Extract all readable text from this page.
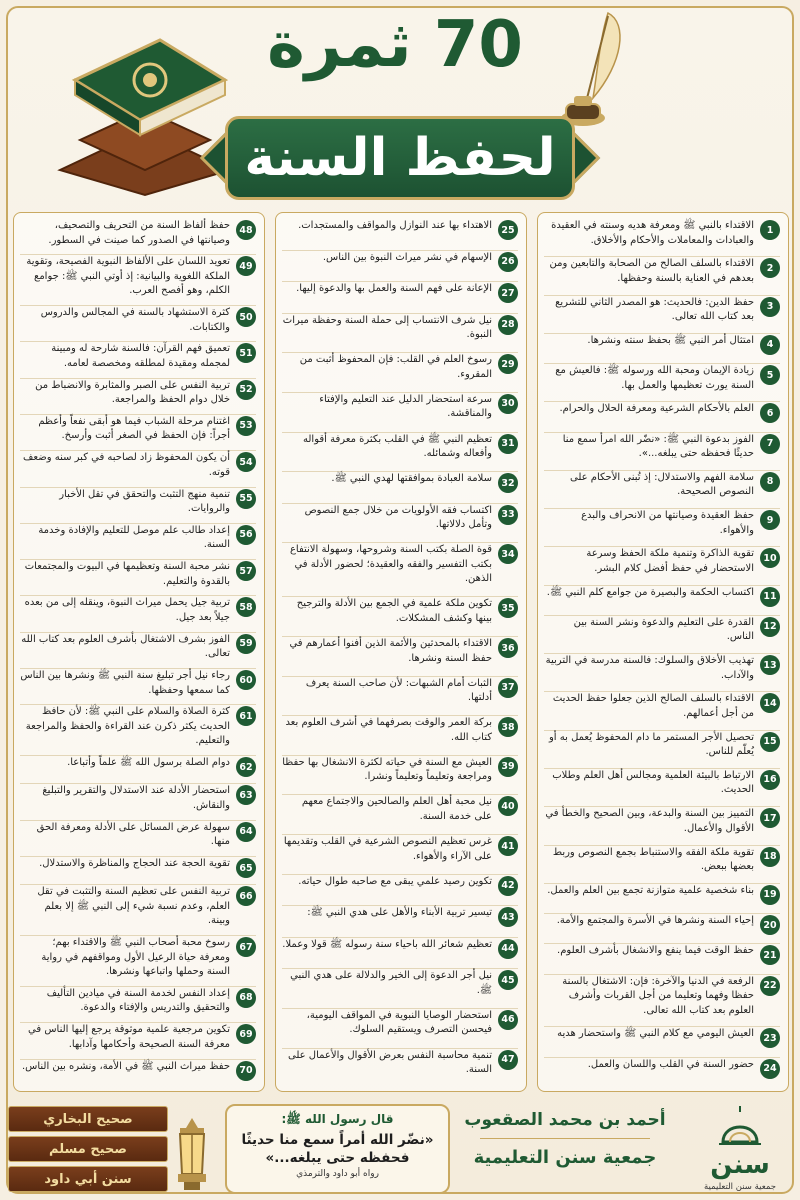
70 ثمرة
لحفظ السنة
1
الاقتداء بالنبي ﷺ ومعرفة هديه وسنته في العقيدة والعبادات والمعاملات والأحكام والأخلاق.
2
الاقتداء بالسلف الصالح من الصحابة والتابعين ومن بعدهم في العناية بالسنة وحفظها.
3
حفظ الدين: فالحديث: هو المصدر الثاني للتشريع بعد كتاب الله تعالى.
4
امتثال أمر النبي ﷺ بحفظ سنته ونشرها.
5
زيادة الإيمان ومحبة الله ورسوله ﷺ: فالعيش مع السنة يورث تعظيمها والعمل بها.
6
العلم بالأحكام الشرعية ومعرفة الحلال والحرام.
7
الفوز بدعوة النبي ﷺ: «نضّر الله امرأ سمع منا حديثًا فحفظه حتى يبلغه...».
8
سلامة الفهم والاستدلال: إذ تُبنى الأحكام على النصوص الصحيحة.
9
حفظ العقيدة وصيانتها من الانحراف والبدع والأهواء.
10
تقوية الذاكرة وتنمية ملكة الحفظ وسرعة الاستحضار في حفظ أفضل كلام البشر.
11
اكتساب الحكمة والبصيرة من جوامع كلم النبي ﷺ.
12
القدرة على التعليم والدعوة ونشر السنة بين الناس.
13
تهذيب الأخلاق والسلوك: فالسنة مدرسة في التربية والآداب.
14
الاقتداء بالسلف الصالح الذين جعلوا حفظ الحديث من أجل أعمالهم.
15
تحصيل الأجر المستمر ما دام المحفوظ يُعمل به أو يُعلّم للناس.
16
الارتباط بالبيئة العلمية ومجالس أهل العلم وطلاب الحديث.
17
التمييز بين السنة والبدعة، وبين الصحيح والخطأ في الأقوال والأعمال.
18
تقوية ملكة الفقه والاستنباط بجمع النصوص وربط بعضها ببعض.
19
بناء شخصية علمية متوازنة تجمع بين العلم والعمل.
20
إحياء السنة ونشرها في الأسرة والمجتمع والأمة.
21
حفظ الوقت فيما ينفع والانشغال بأشرف العلوم.
22
الرفعة في الدنيا والآخرة: فإن: الاشتغال بالسنة حفظا وفهما وتعليما من أجل القربات وأشرف العلوم بعد كتاب الله تعالى.
23
العيش اليومي مع كلام النبي ﷺ واستحضار هديه
24
حضور السنة في القلب واللسان والعمل.
25
الاهتداء بها عند النوازل والمواقف والمستجدات.
26
الإسهام في نشر ميراث النبوة بين الناس.
27
الإعانة على فهم السنة والعمل بها والدعوة إليها.
28
نيل شرف الانتساب إلى حملة السنة وحفظة ميراث النبوة.
29
رسوخ العلم في القلب: فإن المحفوظ أثبت من المقروء.
30
سرعة استحضار الدليل عند التعليم والإفتاء والمناقشة.
31
تعظيم النبي ﷺ في القلب بكثرة معرفة أقواله وأفعاله وشمائله.
32
سلامة العبادة بموافقتها لهدي النبي ﷺ.
33
اكتساب فقه الأولويات من خلال جمع النصوص وتأمل دلالاتها.
34
قوة الصلة بكتب السنة وشروحها، وسهولة الانتفاع بكتب التفسير والفقه والعقيدة؛ لحضور الأدلة في الذهن.
35
تكوين ملكة علمية في الجمع بين الأدلة والترجيح بينها وكشف المشكلات.
36
الاقتداء بالمحدثين والأئمة الذين أفنوا أعمارهم في حفظ السنة ونشرها.
37
الثبات أمام الشبهات: لأن صاحب السنة يعرف أدلتها.
38
بركة العمر والوقت بصرفهما في أشرف العلوم بعد كتاب الله.
39
العيش مع السنة في حياته لكثرة الانشغال بها حفظا ومراجعة وتعليماً وتعليماً ونشرا.
40
نيل محبة أهل العلم والصالحين والاجتماع معهم على خدمة السنة.
41
غرس تعظيم النصوص الشرعية في القلب وتقديمها على الآراء والأهواء.
42
تكوين رصيد علمي يبقى مع صاحبه طوال حياته.
43
تيسير تربية الأبناء والأهل على هدي النبي ﷺ:
44
تعظيم شعائر الله باحياء سنة رسوله ﷺ قولا وعملا.
45
نيل أجر الدعوة إلى الخير والدلالة على هدي النبي ﷺ.
46
استحضار الوصايا النبوية في المواقف اليومية، فيحسن التصرف ويستقيم السلوك.
47
تنمية محاسبة النفس بعرض الأقوال والأعمال على السنة.
48
حفظ ألفاظ السنة من التحريف والتصحيف، وصيانتها في الصدور كما صينت في السطور.
49
تعويد اللسان على الألفاظ النبوية الفصيحة، وتقوية الملكة اللغوية والبيانية: إذ أوتي النبي ﷺ: جوامع الكلم، وهو أفصح العرب.
50
كثرة الاستشهاد بالسنة في المجالس والدروس والكتابات.
51
تعميق فهم القرآن: فالسنة شارحة له ومبينة لمجمله ومقيدة لمطلقه ومخصصة لعامه.
52
تربية النفس على الصبر والمثابرة والانضباط من خلال دوام الحفظ والمراجعة.
53
اغتنام مرحلة الشباب فيما هو أبقى نفعاً وأعظم أجراً: فإن الحفظ في الصغر أثبت وأرسخ.
54
أن يكون المحفوظ زاد لصاحبه في كبر سنه وضعف قوته.
55
تنمية منهج التثبت والتحقق في تقل الأخبار والروايات.
56
إعداد طالب علم موصل للتعليم والإفادة وخدمة السنة.
57
نشر محبة السنة وتعظيمها في البيوت والمجتمعات بالقدوة والتعليم.
58
تربية جيل يحمل ميراث النبوة، وينقله إلى من بعده جيلاً بعد جيل.
59
الفوز بشرف الاشتغال بأشرف العلوم بعد كتاب الله تعالى.
60
رجاء نيل أجر تبليغ سنة النبي ﷺ ونشرها بين الناس كما سمعها وحفظها.
61
كثرة الصلاة والسلام على النبي ﷺ: لأن حافظ الحديث يكثر ذكرن عند القراءة والحفظ والمراجعة والتعليم.
62
دوام الصلة برسول الله ﷺ علماً وأتباعا.
63
استحضار الأدلة عند الاستدلال والتقرير والتبليغ والنقاش.
64
سهولة عرض المسائل على الأدلة ومعرفة الحق منها.
65
تقوية الحجة عند الحجاج والمناظرة والاستدلال.
66
تربية النفس على تعظيم السنة والتثبت في تقل العلم، وعدم نسبة شيء إلى النبي ﷺ إلا بعلم وبينة.
67
رسوخ محبة أصحاب النبي ﷺ والاقتداء بهم؛ ومعرفة حياة الرعيل الأول ومواقفهم في رواية السنة وحملها واتباعها ونشرها.
68
إعداد النفس لخدمة السنة في ميادين التأليف والتحقيق والتدريس والإفتاء والدعوة.
69
تكوين مرجعية علمية موثوقة يرجع إليها الناس في معرفة السنة الصحيحة وأحكامها وآدابها.
70
حفظ ميراث النبي ﷺ في الأمة، ونشره بين الناس.
صحيح البخاري
صحيح مسلم
سنن أبي داود
قال رسول الله ﷺ:
«نضّر الله أمراً سمع منا حديثًا فحفظه حتى يبلغه...»
رواه أبو داود والترمذي
أحمد بن محمد الصقعوب
جمعية سنن التعليمية	سنن
جمعية سنن التعليمية
